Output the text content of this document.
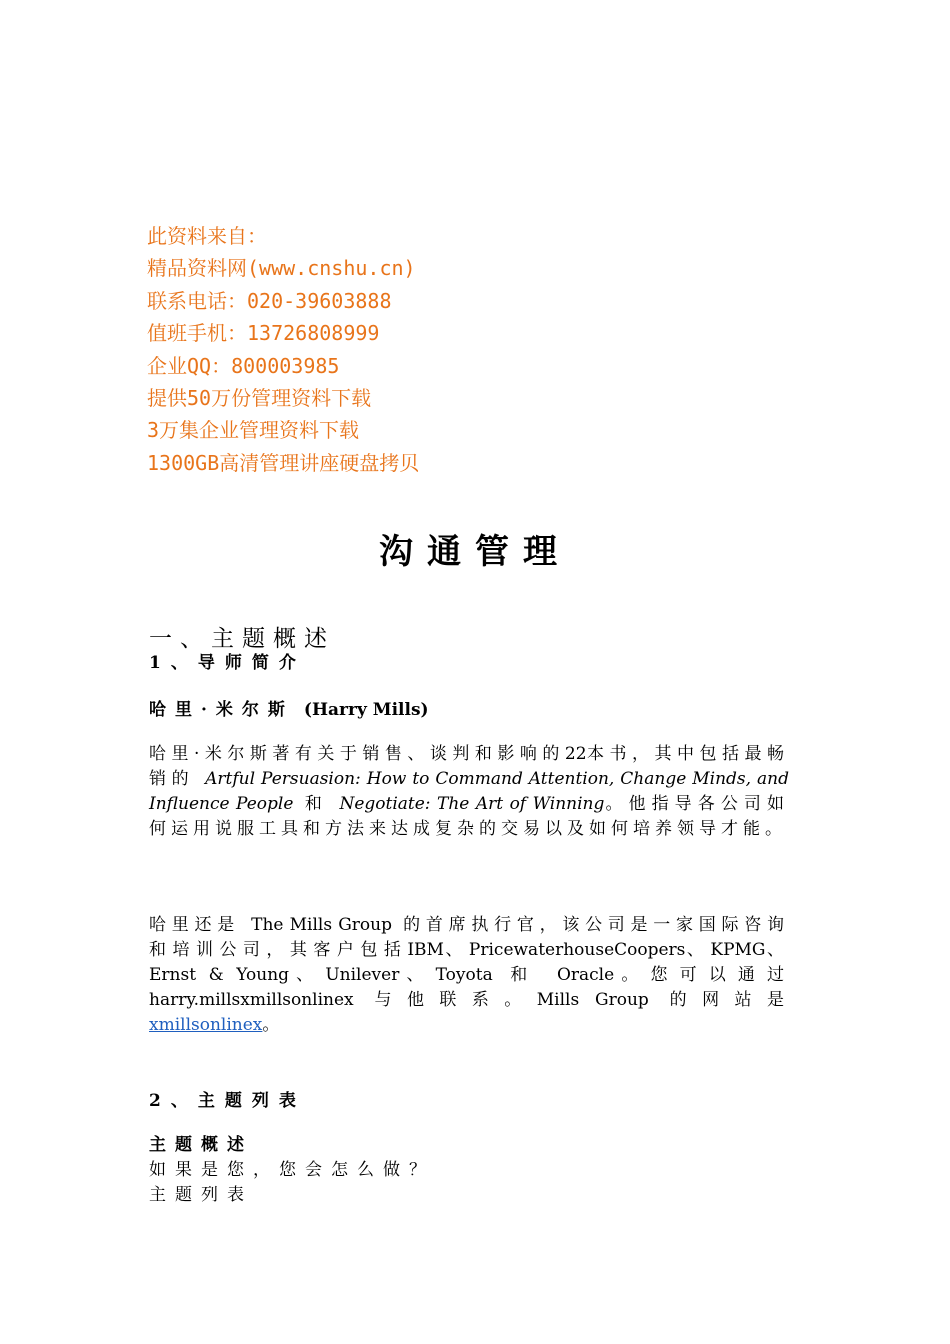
此资料来自：
精品资料网(www.cnshu.cn)
联系电话：020-39603888
值班手机：13726808999
企业QQ：800003985
提供50万份管理资料下载
3万集企业管理资料下载
1300GB高清管理讲座硬盘拷贝
沟通管理
一、主题概述
1、导师简介
哈里·米尔斯 (Harry Mills)
哈里·米尔斯著有关于销售、谈判和影响的22本书，其中包括最畅销的 Artful Persuasion: How to Command Attention, Change Minds, and Influence People 和 Negotiate: The Art of Winning。他指导各公司如何运用说服工具和方法来达成复杂的交易以及如何培养领导才能。
哈里还是 The Mills Group 的首席执行官，该公司是一家国际咨询和培训公司，其客户包括IBM、PricewaterhouseCoopers、KPMG、Ernst & Young、Unilever、Toyota 和 Oracle。您可以通过harry.millsxmillsonlinex 与他联系。Mills Group 的网站是 xmillsonlinex。
2、主题列表
主题概述
如果是您，您会怎么做？
主题列表
